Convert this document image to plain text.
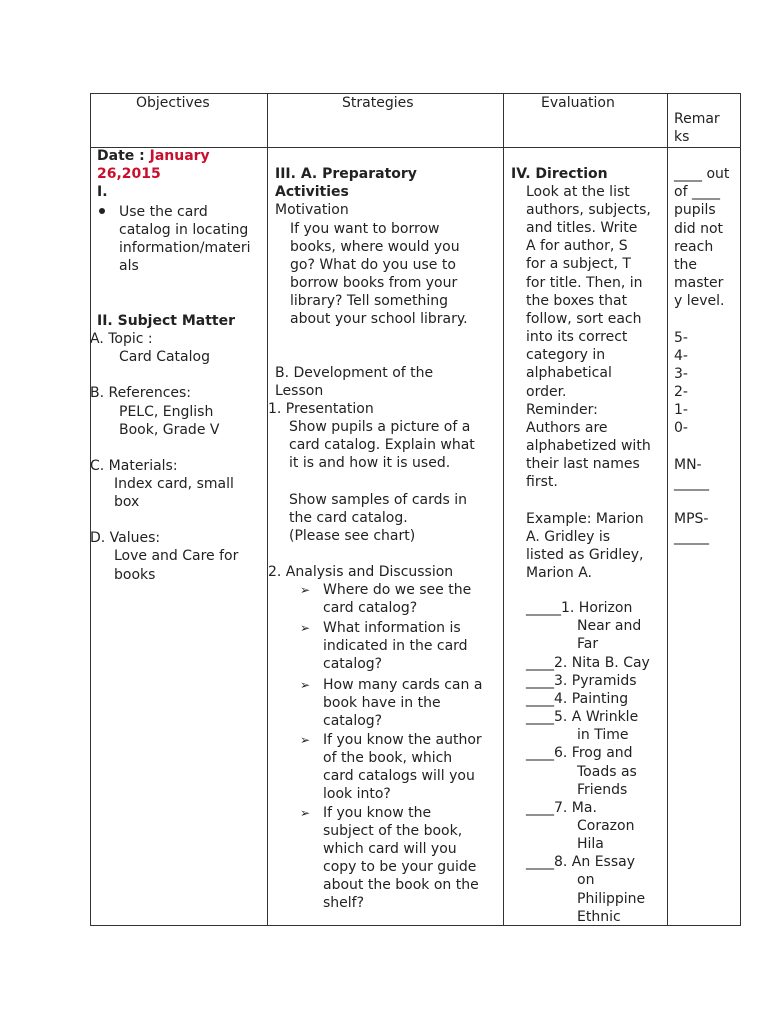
Objectives	Strategies	Evaluation
Remar
ks
Date : January
26,2015
I.
Use the card
catalog in locating
information/materi
als
II. Subject Matter
A. Topic :
Card Catalog
B. References:
PELC, English
Book, Grade V
C. Materials:
Index card, small
box
D. Values:
Love and Care for
books
III. A. Preparatory
Activities
Motivation
If you want to borrow
books, where would you
go? What do you use to
borrow books from your
library? Tell something
about your school library.
B. Development of the
Lesson
1. Presentation
Show pupils a picture of a
card catalog. Explain what
it is and how it is used.
Show samples of cards in
the card catalog.
(Please see chart)
2. Analysis and Discussion
➢ Where do we see the
card catalog?
➢ What information is
indicated in the card
catalog?
➢ How many cards can a
book have in the
catalog?
➢ If you know the author
of the book, which
card catalogs will you
look into?
➢ If you know the
subject of the book,
which card will you
copy to be your guide
about the book on the
shelf?
IV. Direction
Look at the list
authors, subjects,
and titles. Write
A for author, S
for a subject, T
for title. Then, in
the boxes that
follow, sort each
into its correct
category in
alphabetical
order.
Reminder:
Authors are
alphabetized with
their last names
first.
Example: Marion
A. Gridley is
listed as Gridley,
Marion A.
_____1. Horizon
Near and
Far
____2. Nita B. Cay
____3. Pyramids
____4. Painting
____5. A Wrinkle
in Time
____6. Frog and
Toads as
Friends
____7. Ma.
Corazon
Hila
____8. An Essay
on
Philippine
Ethnic
____ out
of ____
pupils
did not
reach
the
master
y level.
5-
4-
3-
2-
1-
0-
MN-
_____
MPS-
_____
